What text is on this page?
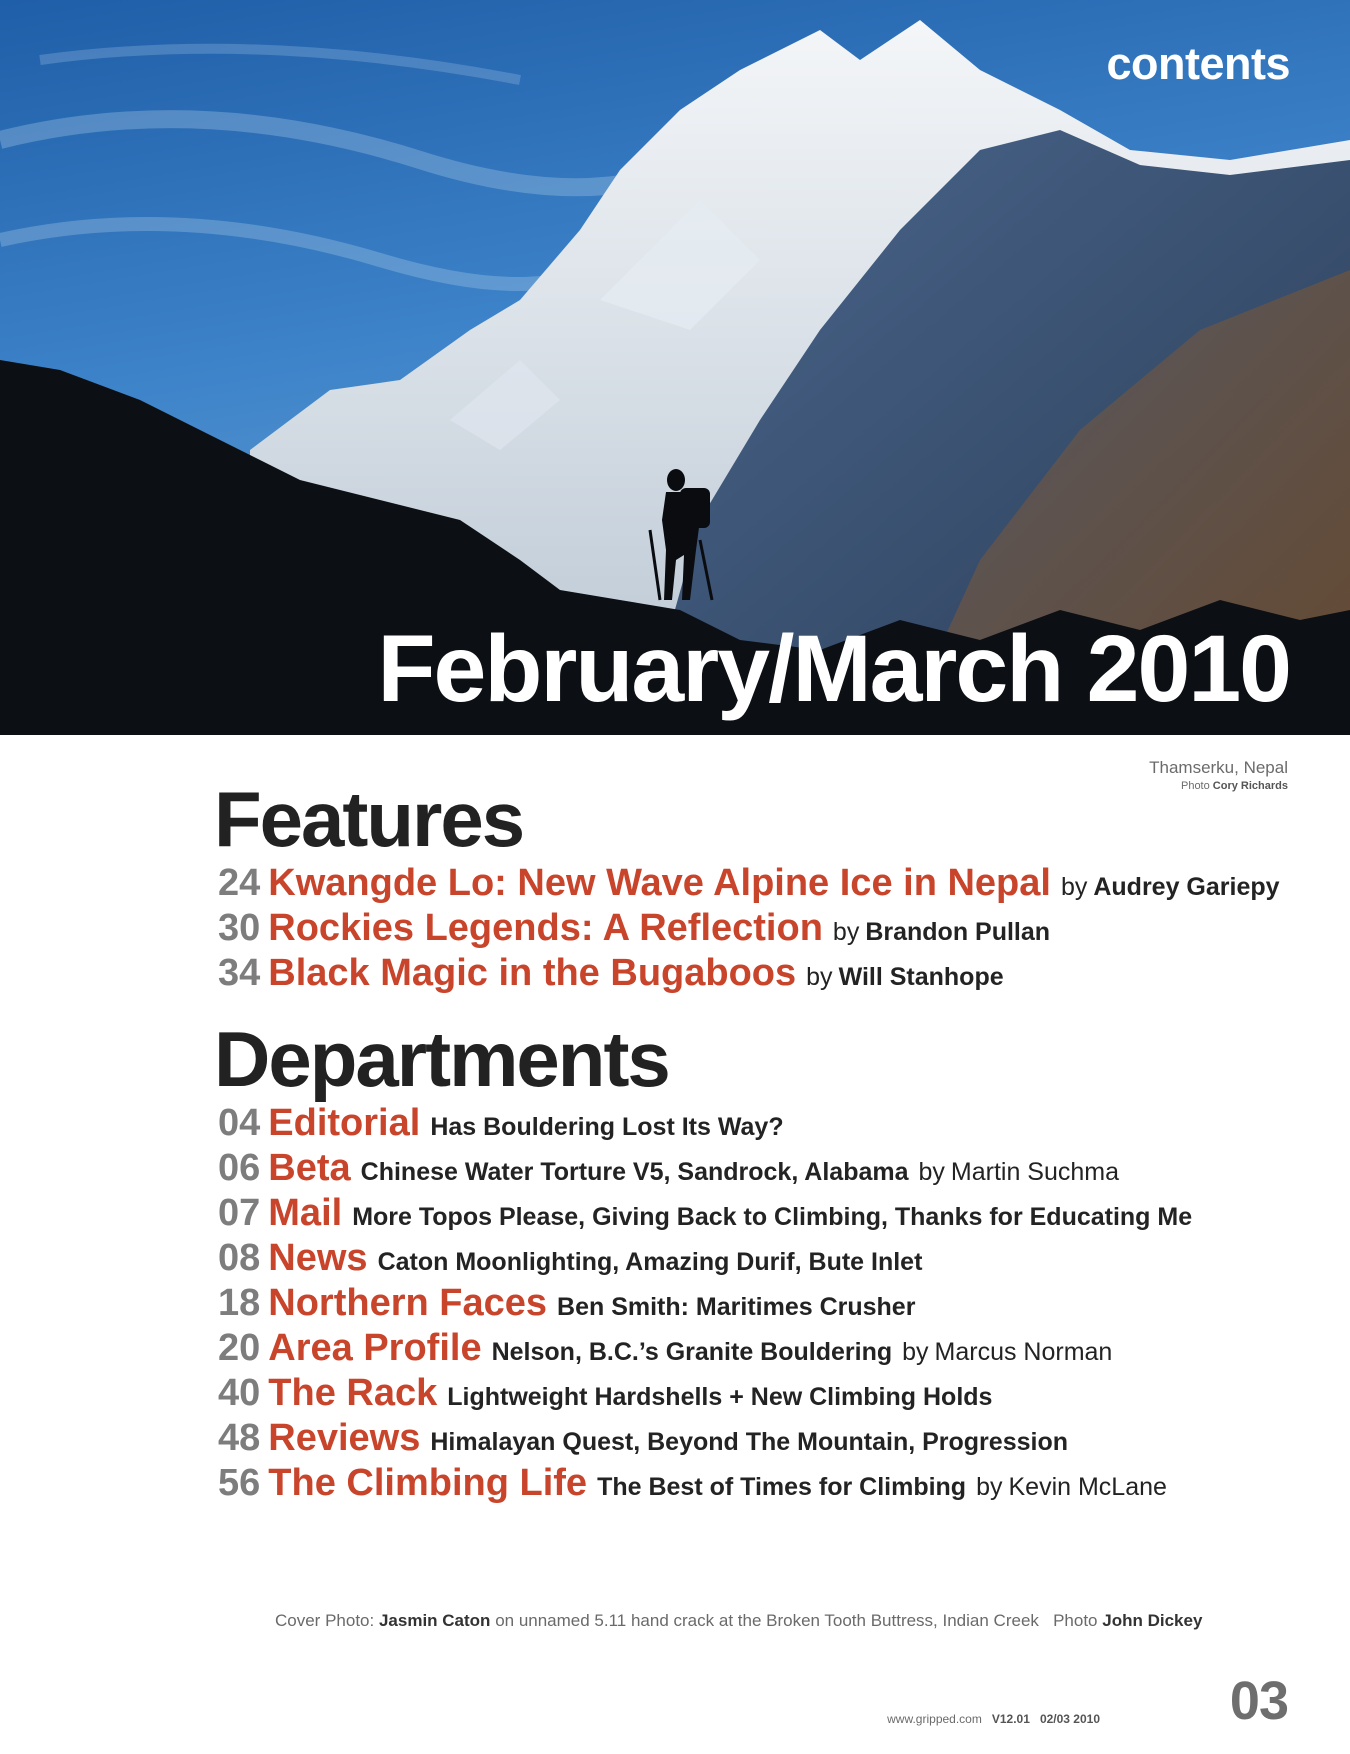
contents
February/March 2010
Thamserku, Nepal
Photo Cory Richards
Features
24 Kwangde Lo: New Wave Alpine Ice in Nepal by Audrey Gariepy
30 Rockies Legends: A Reflection by Brandon Pullan
34 Black Magic in the Bugaboos by Will Stanhope
Departments
04 Editorial Has Bouldering Lost Its Way?
06 Beta Chinese Water Torture V5, Sandrock, Alabama by Martin Suchma
07 Mail More Topos Please, Giving Back to Climbing, Thanks for Educating Me
08 News Caton Moonlighting, Amazing Durif, Bute Inlet
18 Northern Faces Ben Smith: Maritimes Crusher
20 Area Profile Nelson, B.C.’s Granite Bouldering by Marcus Norman
40 The Rack Lightweight Hardshells + New Climbing Holds
48 Reviews Himalayan Quest, Beyond The Mountain, Progression
56 The Climbing Life The Best of Times for Climbing by Kevin McLane
Cover Photo: Jasmin Caton on unnamed 5.11 hand crack at the Broken Tooth Buttress, Indian Creek Photo John Dickey
www.gripped.com V12.01 02/03 2010 03
